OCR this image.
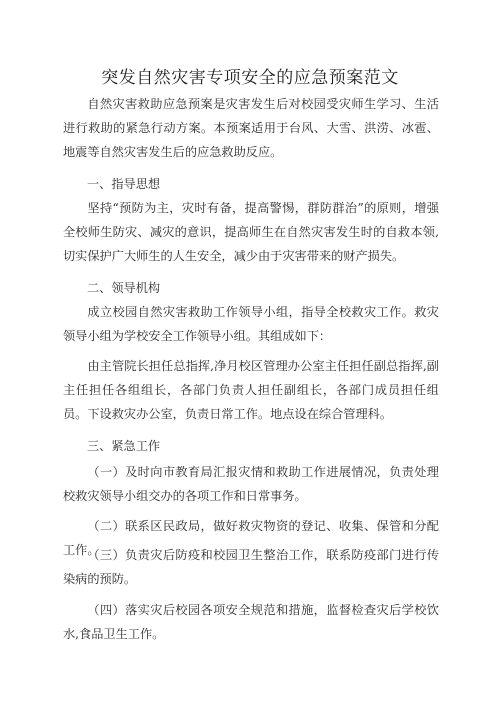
突发自然灾害专项安全的应急预案范文

自然灾害救助应急预案是灾害发生后对校园受灾师生学习、生活进行救助的紧急行动方案。本预案适用于台风、大雪、洪涝、冰雹、地震等自然灾害发生后的应急救助反应。

一、指导思想

坚持“预防为主，灾时有备，提高警惕，群防群治”的原则，增强全校师生防灾、减灾的意识，提高师生在自然灾害发生时的自救本领,切实保护广大师生的人生安全，减少由于灾害带来的财产损失。

二、领导机构

成立校园自然灾害救助工作领导小组，指导全校救灾工作。救灾领导小组为学校安全工作领导小组。其组成如下：

由主管院长担任总指挥,净月校区管理办公室主任担任副总指挥,副主任担任各组组长，各部门负责人担任副组长，各部门成员担任组员。下设救灾办公室，负责日常工作。地点设在综合管理科。

三、紧急工作

（一）及时向市教育局汇报灾情和救助工作进展情况，负责处理校救灾领导小组交办的各项工作和日常事务。

（二）联系区民政局，做好救灾物资的登记、收集、保管和分配工作。

（三）负责灾后防疫和校园卫生整治工作，联系防疫部门进行传染病的预防。

（四）落实灾后校园各项安全规范和措施，监督检查灾后学校饮水,食品卫生工作。
